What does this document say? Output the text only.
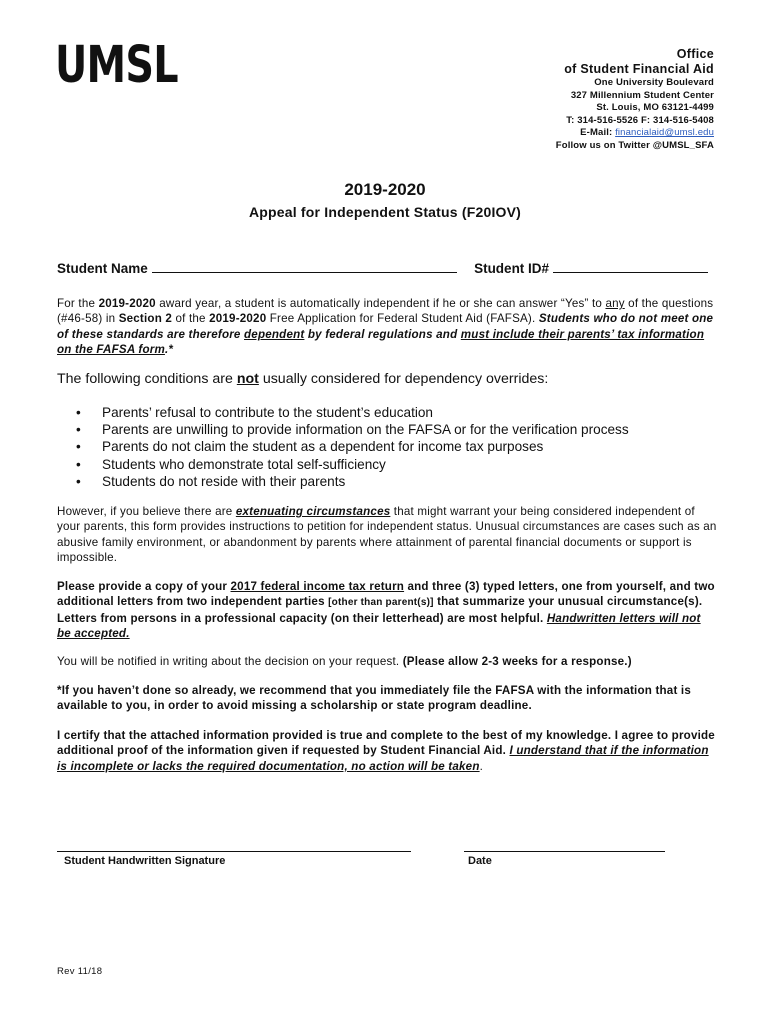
UMSL	Office
of Student Financial Aid
One University Boulevard
327 Millennium Student Center
St. Louis, MO 63121-4499
T: 314-516-5526 F: 314-516-5408
E-Mail: financialaid@umsl.edu
Follow us on Twitter @UMSL_SFA
2019-2020
Appeal for Independent Status (F20IOV)
Student Name	Student ID#
For the 2019-2020 award year, a student is automatically independent if he or she can answer “Yes” to any of the questions (#46-58) in Section 2 of the 2019-2020 Free Application for Federal Student Aid (FAFSA). Students who do not meet one of these standards are therefore dependent by federal regulations and must include their parents’ tax information on the FAFSA form.*
The following conditions are not usually considered for dependency overrides:
• Parents’ refusal to contribute to the student’s education
• Parents are unwilling to provide information on the FAFSA or for the verification process
• Parents do not claim the student as a dependent for income tax purposes
• Students who demonstrate total self-sufficiency
• Students do not reside with their parents
However, if you believe there are extenuating circumstances that might warrant your being considered independent of your parents, this form provides instructions to petition for independent status. Unusual circumstances are cases such as an abusive family environment, or abandonment by parents where attainment of parental financial documents or support is impossible.
Please provide a copy of your 2017 federal income tax return and three (3) typed letters, one from yourself, and two additional letters from two independent parties [other than parent(s)] that summarize your unusual circumstance(s). Letters from persons in a professional capacity (on their letterhead) are most helpful. Handwritten letters will not be accepted.
You will be notified in writing about the decision on your request. (Please allow 2-3 weeks for a response.)
*If you haven’t done so already, we recommend that you immediately file the FAFSA with the information that is available to you, in order to avoid missing a scholarship or state program deadline.
I certify that the attached information provided is true and complete to the best of my knowledge. I agree to provide additional proof of the information given if requested by Student Financial Aid. I understand that if the information is incomplete or lacks the required documentation, no action will be taken.
Student Handwritten Signature	Date
Rev 11/18
